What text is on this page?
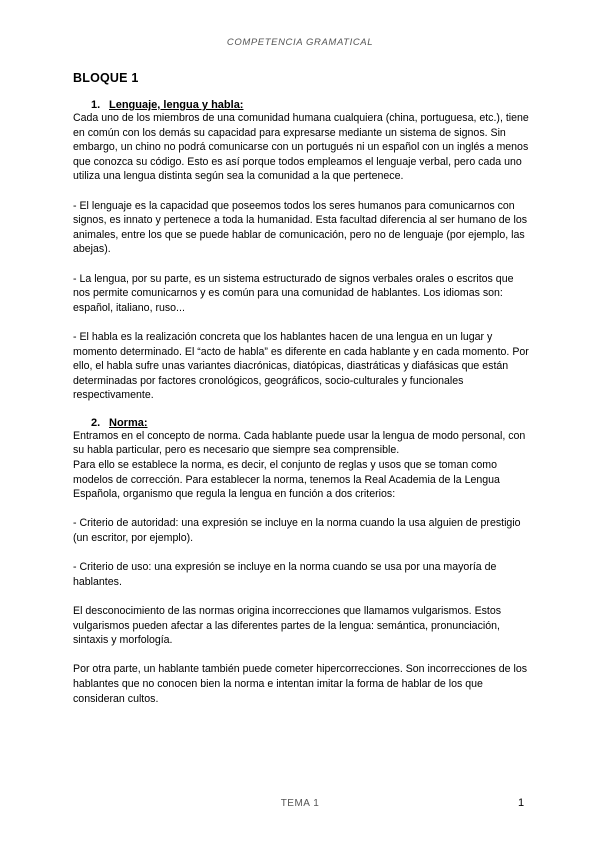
COMPETENCIA GRAMATICAL
BLOQUE 1
1. Lenguaje, lengua y habla:

Cada uno de los miembros de una comunidad humana cualquiera (china, portuguesa, etc.), tiene en común con los demás su capacidad para expresarse mediante un sistema de signos. Sin embargo, un chino no podrá comunicarse con un portugués ni un español con un inglés a menos que conozca su código. Esto es así porque todos empleamos el lenguaje verbal, pero cada uno utiliza una lengua distinta según sea la comunidad a la que pertenece.

- El lenguaje es la capacidad que poseemos todos los seres humanos para comunicarnos con signos, es innato y pertenece a toda la humanidad. Esta facultad diferencia al ser humano de los animales, entre los que se puede hablar de comunicación, pero no de lenguaje (por ejemplo, las abejas).

- La lengua, por su parte, es un sistema estructurado de signos verbales orales o escritos que nos permite comunicarnos y es común para una comunidad de hablantes. Los idiomas son: español, italiano, ruso...

- El habla es la realización concreta que los hablantes hacen de una lengua en un lugar y momento determinado. El “acto de habla” es diferente en cada hablante y en cada momento. Por ello, el habla sufre unas variantes diacrónicas, diatópicas, diastráticas y diafásicas que están determinadas por factores cronológicos, geográficos, socio-culturales y funcionales respectivamente.

2. Norma:

Entramos en el concepto de norma. Cada hablante puede usar la lengua de modo personal, con su habla particular, pero es necesario que siempre sea comprensible.

Para ello se establece la norma, es decir, el conjunto de reglas y usos que se toman como modelos de corrección. Para establecer la norma, tenemos la Real Academia de la Lengua Española, organismo que regula la lengua en función a dos criterios:

- Criterio de autoridad: una expresión se incluye en la norma cuando la usa alguien de prestigio (un escritor, por ejemplo).

- Criterio de uso: una expresión se incluye en la norma cuando se usa por una mayoría de hablantes.

El desconocimiento de las normas origina incorrecciones que llamamos vulgarismos. Estos vulgarismos pueden afectar a las diferentes partes de la lengua: semántica, pronunciación, sintaxis y morfología.

Por otra parte, un hablante también puede cometer hipercorrecciones. Son incorrecciones de los hablantes que no conocen bien la norma e intentan imitar la forma de hablar de los que consideran cultos.

TEMA 1	1
